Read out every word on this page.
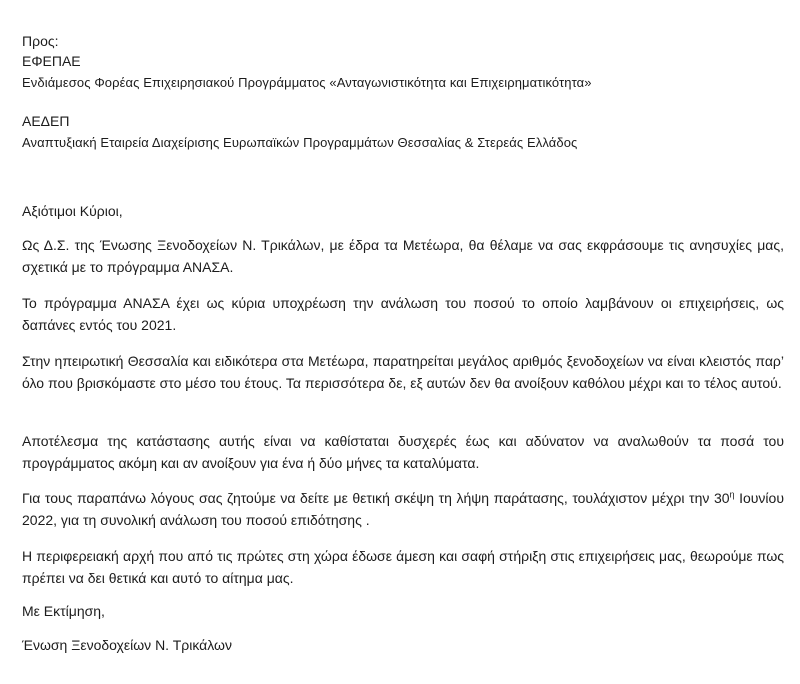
Προς:
ΕΦΕΠΑΕ
Ενδιάμεσος Φορέας Επιχειρησιακού Προγράμματος «Ανταγωνιστικότητα και Επιχειρηματικότητα»
ΑΕΔΕΠ
Αναπτυξιακή Εταιρεία Διαχείρισης Ευρωπαϊκών Προγραμμάτων Θεσσαλίας & Στερεάς Ελλάδος
Αξιότιμοι Κύριοι,
Ως Δ.Σ. της Ένωσης Ξενοδοχείων Ν. Τρικάλων, με έδρα τα Μετέωρα, θα θέλαμε να σας εκφράσουμε τις ανησυχίες μας, σχετικά με το πρόγραμμα ΑΝΑΣΑ.
Το πρόγραμμα ΑΝΑΣΑ έχει ως κύρια υποχρέωση την ανάλωση του ποσού το οποίο λαμβάνουν οι επιχειρήσεις, ως δαπάνες εντός του 2021.
Στην ηπειρωτική Θεσσαλία και ειδικότερα στα Μετέωρα, παρατηρείται μεγάλος αριθμός ξενοδοχείων να είναι κλειστός παρ’ όλο που βρισκόμαστε στο μέσο του έτους. Τα περισσότερα δε, εξ αυτών δεν θα ανοίξουν καθόλου μέχρι και το τέλος αυτού.
Αποτέλεσμα της κατάστασης αυτής είναι να καθίσταται δυσχερές έως και αδύνατον να αναλωθούν τα ποσά του προγράμματος ακόμη και αν ανοίξουν για ένα ή δύο μήνες τα καταλύματα.
Για τους παραπάνω λόγους σας ζητούμε να δείτε με θετική σκέψη τη λήψη παράτασης, τουλάχιστον μέχρι την $30^\eta$ Ιουνίου 2022, για τη συνολική ανάλωση του ποσού επιδότησης .
Η περιφερειακή αρχή που από τις πρώτες στη χώρα έδωσε άμεση και σαφή στήριξη στις επιχειρήσεις μας, θεωρούμε πως πρέπει να δει θετικά και αυτό το αίτημα μας.
Με Εκτίμηση,
Ένωση Ξενοδοχείων Ν. Τρικάλων
